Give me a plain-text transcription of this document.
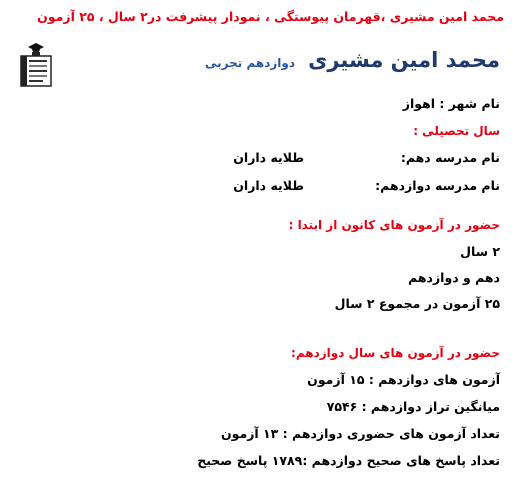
محمد امین مشیری ،قهرمان پیوستگی ، نمودار پیشرفت در۲ سال ، ۲۵ آزمون
محمد امین مشیری
دوازدهم تجربی
نام شهر : اهواز
سال تحصیلی :
نام مدرسه دهم:
طلایه داران
نام مدرسه دوازدهم:
طلایه داران
حضور در آزمون های کانون از ابتدا :
۲ سال
دهم و دوازدهم
۲۵ آزمون در مجموع ۲ سال
حضور در آزمون های سال دوازدهم:
آزمون های دوازدهم : ۱۵ آزمون
میانگین تراز دوازدهم : ۷۵۴۶
تعداد آزمون های حضوری دوازدهم : ۱۳ آزمون
تعداد پاسخ های صحیح دوازدهم :۱۷۸۹ پاسخ صحیح
